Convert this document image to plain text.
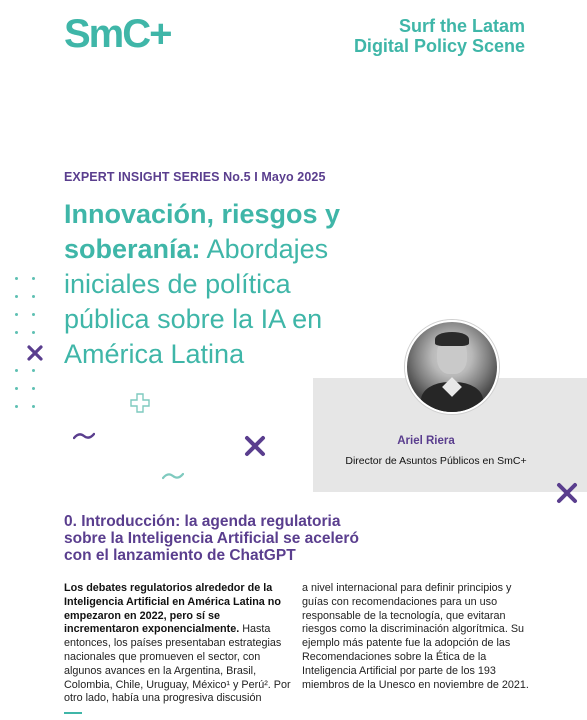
SmC+	Surf the Latam
Digital Policy Scene
EXPERT INSIGHT SERIES No.5 I Mayo 2025
Innovación, riesgos y soberanía: Abordajes iniciales de política pública sobre la IA en América Latina
Ariel Riera
Director de Asuntos Públicos en SmC+
0. Introducción: la agenda regulatoria sobre la Inteligencia Artificial se aceleró con el lanzamiento de ChatGPT
Los debates regulatorios alrededor de la Inteligencia Artificial en América Latina no empezaron en 2022, pero sí se incrementaron exponencialmente. Hasta entonces, los países presentaban estrategias nacionales que promueven el sector, con algunos avances en la Argentina, Brasil, Colombia, Chile, Uruguay, México¹ y Perú². Por otro lado, había una progresiva discusión
a nivel internacional para definir principios y guías con recomendaciones para un uso responsable de la tecnología, que evitaran riesgos como la discriminación algorítmica. Su ejemplo más patente fue la adopción de las Recomendaciones sobre la Ética de la Inteligencia Artificial por parte de los 193 miembros de la Unesco en noviembre de 2021.
